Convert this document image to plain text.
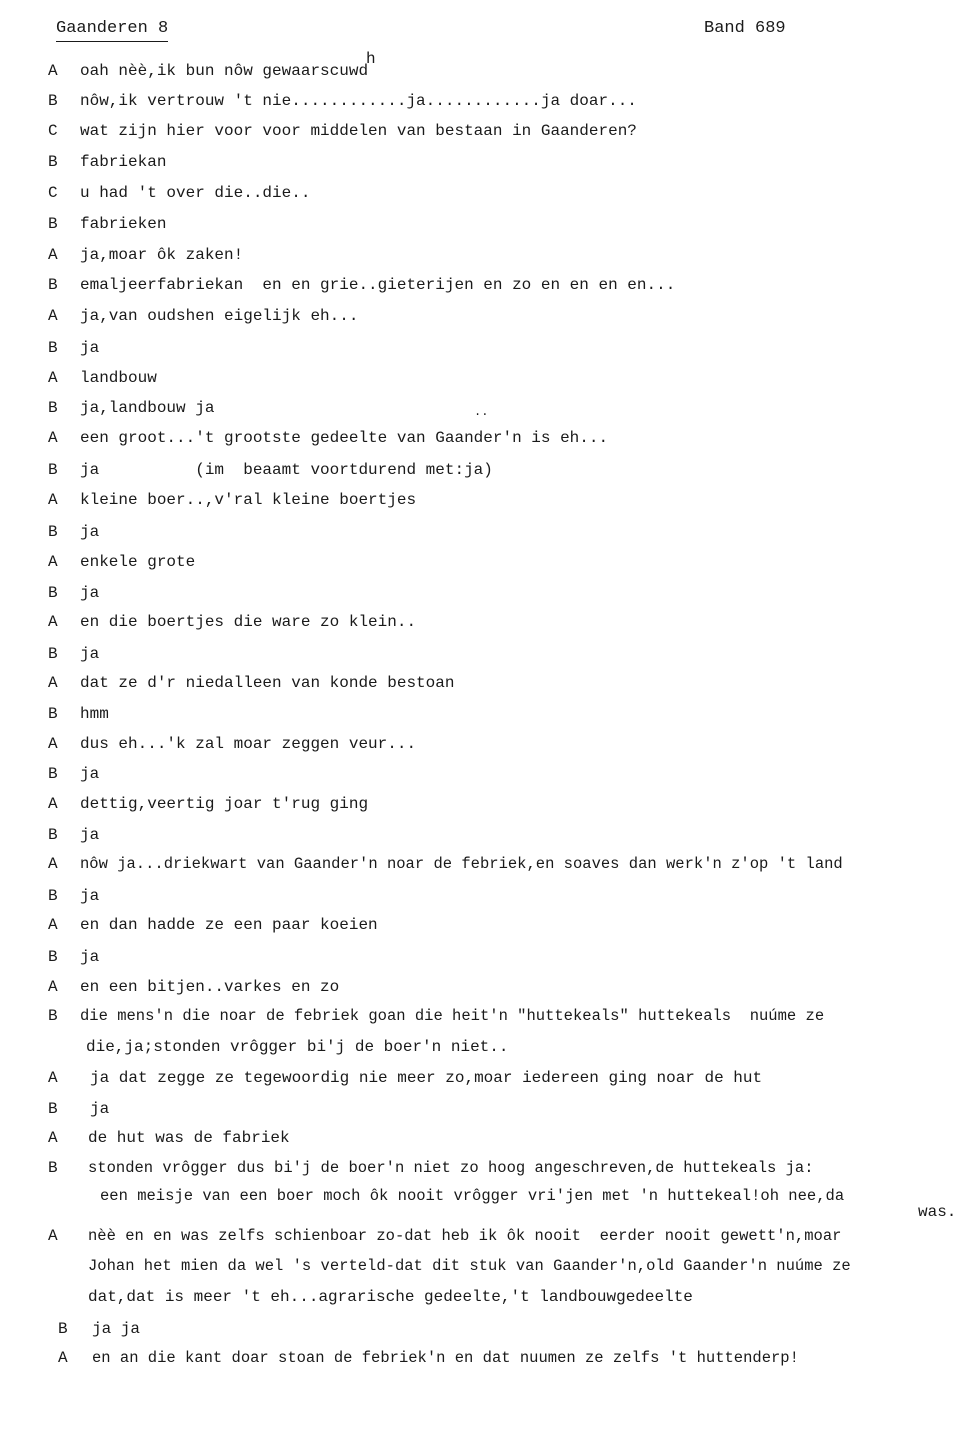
Gaanderen 8	Band 689
h
..

A

oah nèè,ik bun nôw gewaarscuwd

B

nôw,ik vertrouw 't nie............ja............ja doar...

C

wat zijn hier voor voor middelen van bestaan in Gaanderen?

B

fabriekan

C

u had 't over die..die..

B

fabrieken

A

ja,moar ôk zaken!

B

emaljeerfabriekan  en en grie..gieterijen en zo en en en en...

A

ja,van oudshen eigelijk eh...

B

ja

A

landbouw

B

ja,landbouw ja

A

een groot...'t grootste gedeelte van Gaander'n is eh...

B

ja          (im  beaamt voortdurend met:ja)

A

kleine boer..,v'ral kleine boertjes

B

ja

A

enkele grote

B

ja

A

en die boertjes die ware zo klein..

B

ja

A

dat ze d'r niedalleen van konde bestoan

B

hmm

A

dus eh...'k zal moar zeggen veur...

B

ja

A

dettig,veertig joar t'rug ging

B

ja

A

nôw ja...driekwart van Gaander'n noar de febriek,en soaves dan werk'n z'op 't land

B

ja

A

en dan hadde ze een paar koeien

B

ja

A

en een bitjen..varkes en zo

B

die mens'n die noar de febriek goan die heit'n "huttekeals" huttekeals  nuúme ze

die,ja;stonden vrôgger bi'j de boer'n niet..

A

ja dat zegge ze tegewoordig nie meer zo,moar iedereen ging noar de hut

B

ja

A

de hut was de fabriek

B

stonden vrôgger dus bi'j de boer'n niet zo hoog angeschreven,de huttekeals ja:

een meisje van een boer moch ôk nooit vrôgger vri'jen met 'n huttekeal!oh nee,da

was.

A

nèè en en was zelfs schienboar zo-dat heb ik ôk nooit  eerder nooit gewett'n,moar

Johan het mien da wel 's verteld-dat dit stuk van Gaander'n,old Gaander'n nuúme ze

dat,dat is meer 't eh...agrarische gedeelte,'t landbouwgedeelte

B

ja ja

A

en an die kant doar stoan de febriek'n en dat nuumen ze zelfs 't huttenderp!
